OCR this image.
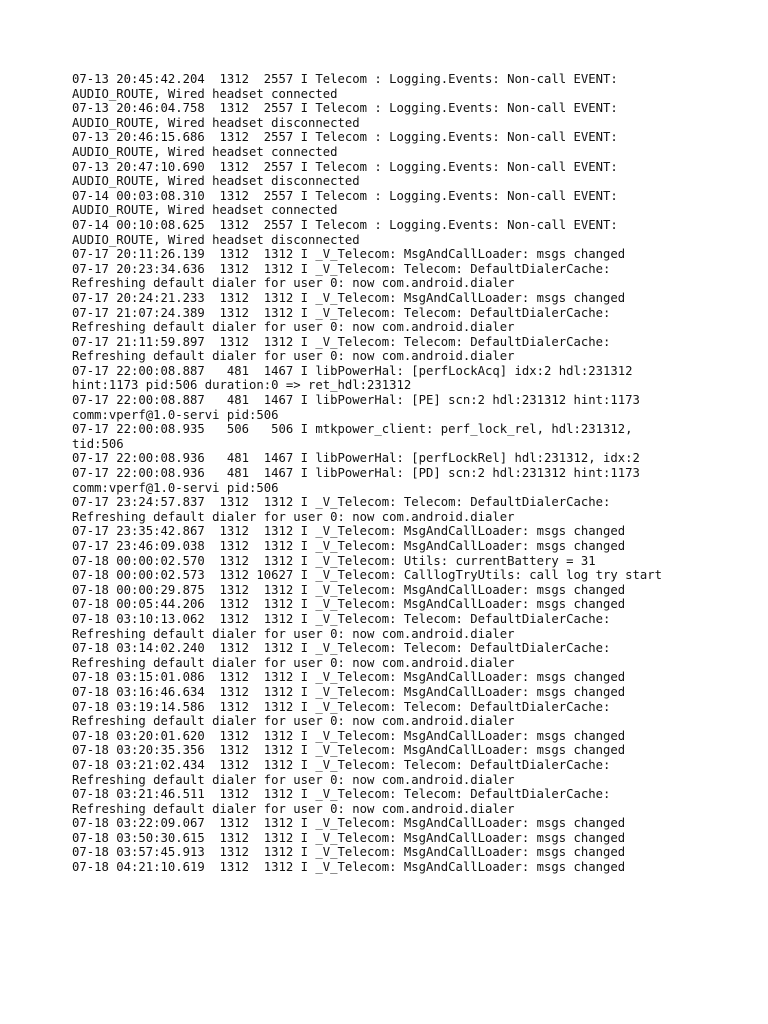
07-13 20:45:42.204  1312  2557 I Telecom : Logging.Events: Non-call EVENT:
AUDIO_ROUTE, Wired headset connected
07-13 20:46:04.758  1312  2557 I Telecom : Logging.Events: Non-call EVENT:
AUDIO_ROUTE, Wired headset disconnected
07-13 20:46:15.686  1312  2557 I Telecom : Logging.Events: Non-call EVENT:
AUDIO_ROUTE, Wired headset connected
07-13 20:47:10.690  1312  2557 I Telecom : Logging.Events: Non-call EVENT:
AUDIO_ROUTE, Wired headset disconnected
07-14 00:03:08.310  1312  2557 I Telecom : Logging.Events: Non-call EVENT:
AUDIO_ROUTE, Wired headset connected
07-14 00:10:08.625  1312  2557 I Telecom : Logging.Events: Non-call EVENT:
AUDIO_ROUTE, Wired headset disconnected
07-17 20:11:26.139  1312  1312 I _V_Telecom: MsgAndCallLoader: msgs changed
07-17 20:23:34.636  1312  1312 I _V_Telecom: Telecom: DefaultDialerCache:
Refreshing default dialer for user 0: now com.android.dialer
07-17 20:24:21.233  1312  1312 I _V_Telecom: MsgAndCallLoader: msgs changed
07-17 21:07:24.389  1312  1312 I _V_Telecom: Telecom: DefaultDialerCache:
Refreshing default dialer for user 0: now com.android.dialer
07-17 21:11:59.897  1312  1312 I _V_Telecom: Telecom: DefaultDialerCache:
Refreshing default dialer for user 0: now com.android.dialer
07-17 22:00:08.887   481  1467 I libPowerHal: [perfLockAcq] idx:2 hdl:231312
hint:1173 pid:506 duration:0 => ret_hdl:231312
07-17 22:00:08.887   481  1467 I libPowerHal: [PE] scn:2 hdl:231312 hint:1173
comm:vperf@1.0-servi pid:506
07-17 22:00:08.935   506   506 I mtkpower_client: perf_lock_rel, hdl:231312,
tid:506
07-17 22:00:08.936   481  1467 I libPowerHal: [perfLockRel] hdl:231312, idx:2
07-17 22:00:08.936   481  1467 I libPowerHal: [PD] scn:2 hdl:231312 hint:1173
comm:vperf@1.0-servi pid:506
07-17 23:24:57.837  1312  1312 I _V_Telecom: Telecom: DefaultDialerCache:
Refreshing default dialer for user 0: now com.android.dialer
07-17 23:35:42.867  1312  1312 I _V_Telecom: MsgAndCallLoader: msgs changed
07-17 23:46:09.038  1312  1312 I _V_Telecom: MsgAndCallLoader: msgs changed
07-18 00:00:02.570  1312  1312 I _V_Telecom: Utils: currentBattery = 31
07-18 00:00:02.573  1312 10627 I _V_Telecom: CalllogTryUtils: call log try start
07-18 00:00:29.875  1312  1312 I _V_Telecom: MsgAndCallLoader: msgs changed
07-18 00:05:44.206  1312  1312 I _V_Telecom: MsgAndCallLoader: msgs changed
07-18 03:10:13.062  1312  1312 I _V_Telecom: Telecom: DefaultDialerCache:
Refreshing default dialer for user 0: now com.android.dialer
07-18 03:14:02.240  1312  1312 I _V_Telecom: Telecom: DefaultDialerCache:
Refreshing default dialer for user 0: now com.android.dialer
07-18 03:15:01.086  1312  1312 I _V_Telecom: MsgAndCallLoader: msgs changed
07-18 03:16:46.634  1312  1312 I _V_Telecom: MsgAndCallLoader: msgs changed
07-18 03:19:14.586  1312  1312 I _V_Telecom: Telecom: DefaultDialerCache:
Refreshing default dialer for user 0: now com.android.dialer
07-18 03:20:01.620  1312  1312 I _V_Telecom: MsgAndCallLoader: msgs changed
07-18 03:20:35.356  1312  1312 I _V_Telecom: MsgAndCallLoader: msgs changed
07-18 03:21:02.434  1312  1312 I _V_Telecom: Telecom: DefaultDialerCache:
Refreshing default dialer for user 0: now com.android.dialer
07-18 03:21:46.511  1312  1312 I _V_Telecom: Telecom: DefaultDialerCache:
Refreshing default dialer for user 0: now com.android.dialer
07-18 03:22:09.067  1312  1312 I _V_Telecom: MsgAndCallLoader: msgs changed
07-18 03:50:30.615  1312  1312 I _V_Telecom: MsgAndCallLoader: msgs changed
07-18 03:57:45.913  1312  1312 I _V_Telecom: MsgAndCallLoader: msgs changed
07-18 04:21:10.619  1312  1312 I _V_Telecom: MsgAndCallLoader: msgs changed
